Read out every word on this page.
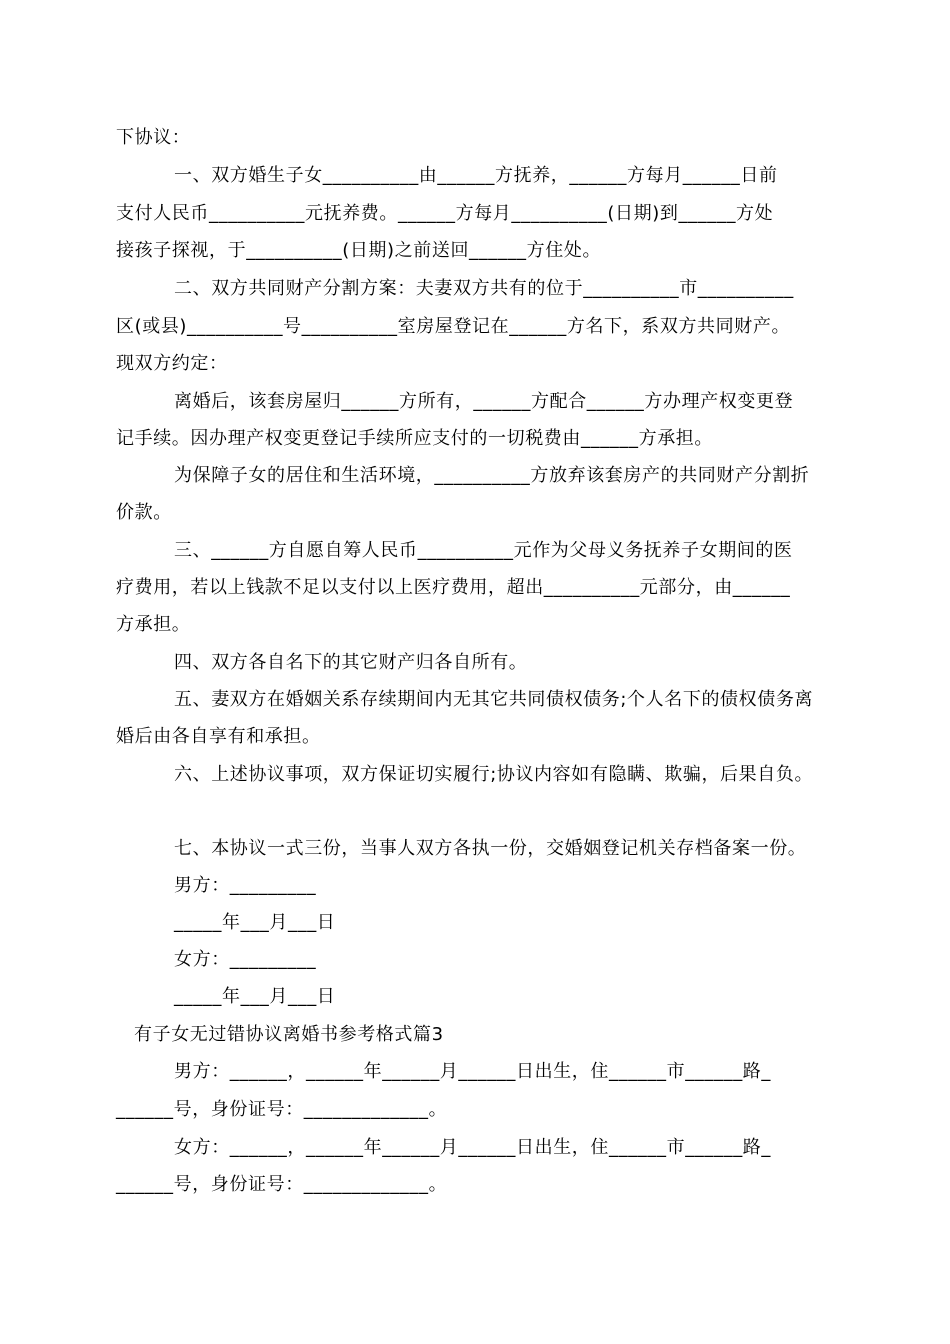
下协议：
一、双方婚生子女__________由______方抚养，______方每月______日前
支付人民币__________元抚养费。______方每月__________(日期)到______方处
接孩子探视，于__________(日期)之前送回______方住处。
二、双方共同财产分割方案：夫妻双方共有的位于__________市__________
区(或县)__________号__________室房屋登记在______方名下，系双方共同财产。
现双方约定：
离婚后，该套房屋归______方所有，______方配合______方办理产权变更登
记手续。因办理产权变更登记手续所应支付的一切税费由______方承担。
为保障子女的居住和生活环境，__________方放弃该套房产的共同财产分割折
价款。
三、______方自愿自筹人民币__________元作为父母义务抚养子女期间的医
疗费用，若以上钱款不足以支付以上医疗费用，超出__________元部分，由______
方承担。
四、双方各自名下的其它财产归各自所有。
五、妻双方在婚姻关系存续期间内无其它共同债权债务;个人名下的债权债务离
婚后由各自享有和承担。
六、上述协议事项，双方保证切实履行;协议内容如有隐瞒、欺骗，后果自负。
七、本协议一式三份，当事人双方各执一份，交婚姻登记机关存档备案一份。
男方：_________
_____年___月___日
女方：_________
_____年___月___日
有子女无过错协议离婚书参考格式篇3
男方：______，______年______月______日出生，住______市______路_
______号，身份证号：_____________。
女方：______，______年______月______日出生，住______市______路_
______号，身份证号：_____________。
